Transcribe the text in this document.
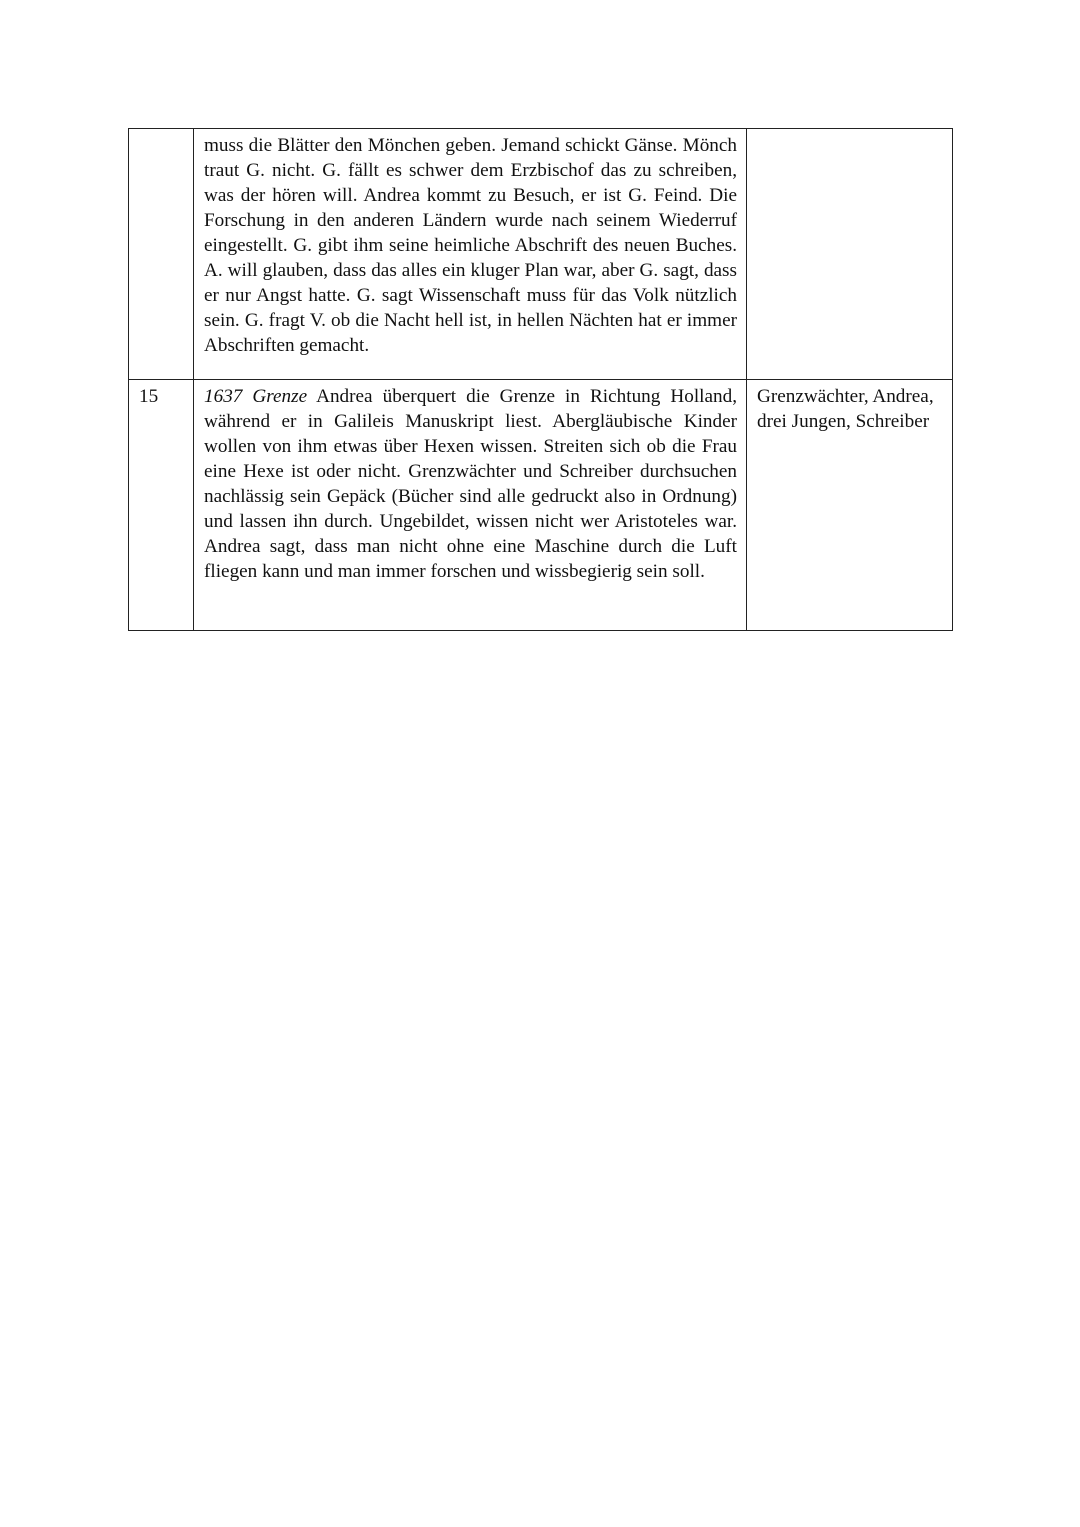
	muss die Blätter den Mönchen geben. Jemand schickt Gänse. Mönch traut G. nicht. G. fällt es schwer dem Erzbischof das zu schreiben, was der hören will. Andrea kommt zu Besuch, er ist G. Feind. Die Forschung in den anderen Ländern wurde nach seinem Wiederruf eingestellt. G. gibt ihm seine heimliche Abschrift des neuen Buches. A. will glauben, dass das alles ein kluger Plan war, aber G. sagt, dass er nur Angst hatte. G. sagt Wissenschaft muss für das Volk nützlich sein. G. fragt V. ob die Nacht hell ist, in hellen Nächten hat er immer Abschriften gemacht.	

15	1637 Grenze Andrea überquert die Grenze in Richtung Holland, während er in Galileis Manuskript liest. Abergläubische Kinder wollen von ihm etwas über Hexen wissen. Streiten sich ob die Frau eine Hexe ist oder nicht. Grenzwächter und Schreiber durchsuchen nachlässig sein Gepäck (Bücher sind alle gedruckt also in Ordnung) und lassen ihn durch. Ungebildet, wissen nicht wer Aristoteles war. Andrea sagt, dass man nicht ohne eine Maschine durch die Luft fliegen kann und man immer forschen und wissbegierig sein soll.	Grenzwächter, Andrea, drei Jungen, Schreiber
